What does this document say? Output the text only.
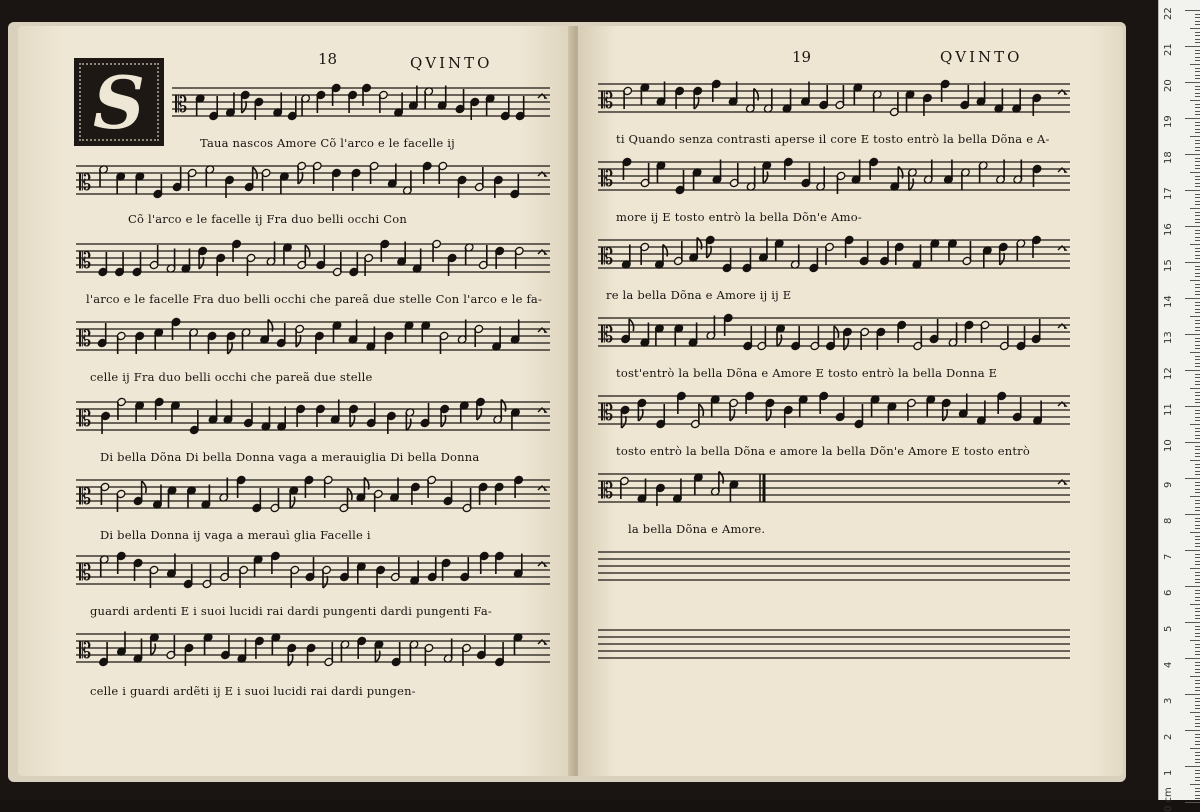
18	QVINTO	19	QVINTO
S	𝄡
𝄡
𝄡
𝄡
𝄡
𝄡
𝄡
𝄡
𝄡
𝄡
𝄡
𝄡
𝄡
𝄡
Taua nascos Amore Cõ l'arco e le facelle ij
Cõ l'arco e le facelle ij Fra duo belli occhi Con
l'arco e le facelle Fra duo belli occhi che pareã due stelle Con l'arco e le fa-
celle ij Fra duo belli occhi che pareã due stelle
Di bella Dõna Di bella Donna vaga a merauiglia Di bella Donna
Di bella Donna ij vaga a merauì glia Facelle i
guardi ardenti E i suoi lucidi rai dardi pungenti dardi pungenti Fa-
celle i guardi ardẽti ij E i suoi lucidi rai dardi pungen-
ti Quando senza contrasti aperse il core E tosto entrò la bella Dõna e A-
more ij E tosto entrò la bella Dõn'e Amo-
re la bella Dõna e Amore ij ij E
tost'entrò la bella Dõna e Amore E tosto entrò la bella Donna E
tosto entrò la bella Dõna e amore la bella Dõn'e Amore E tosto entrò
la bella Dõna e Amore.
22
21
20
19
18
17
16
15
14
13
12
11
10
9
8
7
6
5
4
3
2
1
0 cm
